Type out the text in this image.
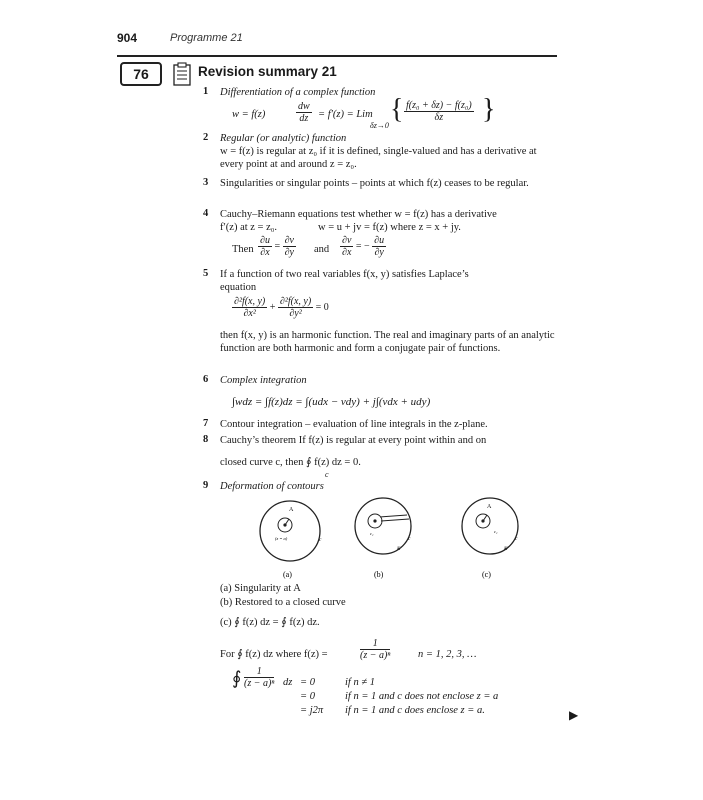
904	Programme 21
76	Revision summary 21
1 Differentiation of a complex function
w = f(z)	$\frac{dw}{dz} = f'(z)$ = Lim
δz→0
{ $\frac{\text{f(z₀ + δz) − f(z₀)}}{\delta z}$ }
2 Regular (or analytic) function
w = f(z) is regular at z₀ if it is defined, single-valued and has a derivative at every point at and around z = z₀.
3 Singularities or singular points – points at which f(z) ceases to be regular.
4 Cauchy–Riemann equations test whether w = f(z) has a derivative
f′(z) at z = z₀.	w = u + jv = f(z) where z = x + jy.
Then $\frac{\partial u}{\partial x} = \frac{\partial v}{\partial y}$ and $\frac{\partial v}{\partial x}$ = − $\frac{\partial u}{\partial y}$
5 If a function of two real variables f(x, y) satisfies Laplace’s
equation
$\frac{\text{∂²f(x, y)}}{\text{∂x²}} + \frac{\text{∂²f(x, y)}}{\text{∂y²}} = 0$
then f(x, y) is an harmonic function. The real and imaginary parts of an analytic function are both harmonic and form a conjugate pair of functions.
6 Complex integration
∫wdz = ∫f(z)dz = ∫(udx − vdy) + j∫(vdx + udy)
7 Contour integration – evaluation of line integrals in the z-plane.
8 Cauchy’s theorem If f(z) is regular at every point within and on
closed curve c, then ∮ f(z) dz = 0.
c
9 Deformation of contours
A
(z = a)	c
(a)
c₁
K
c
(b)
A
c₁
K
c
(c)
(a) Singularity at A
(b) Restored to a closed curve
(c) ∮ f(z) dz = ∮ f(z) dz.
For ∮ f(z) dz where f(z) =	$\frac{1}{\text{(z − a)ⁿ}}$	n = 1, 2, 3, …
∮ $\frac{1}{\text{(z − a)ⁿ}}$ dz = 0	if n ≠ 1
= 0	if n = 1 and c does not enclose z = a
= j2π if n = 1 and c does enclose z = a.	▶
